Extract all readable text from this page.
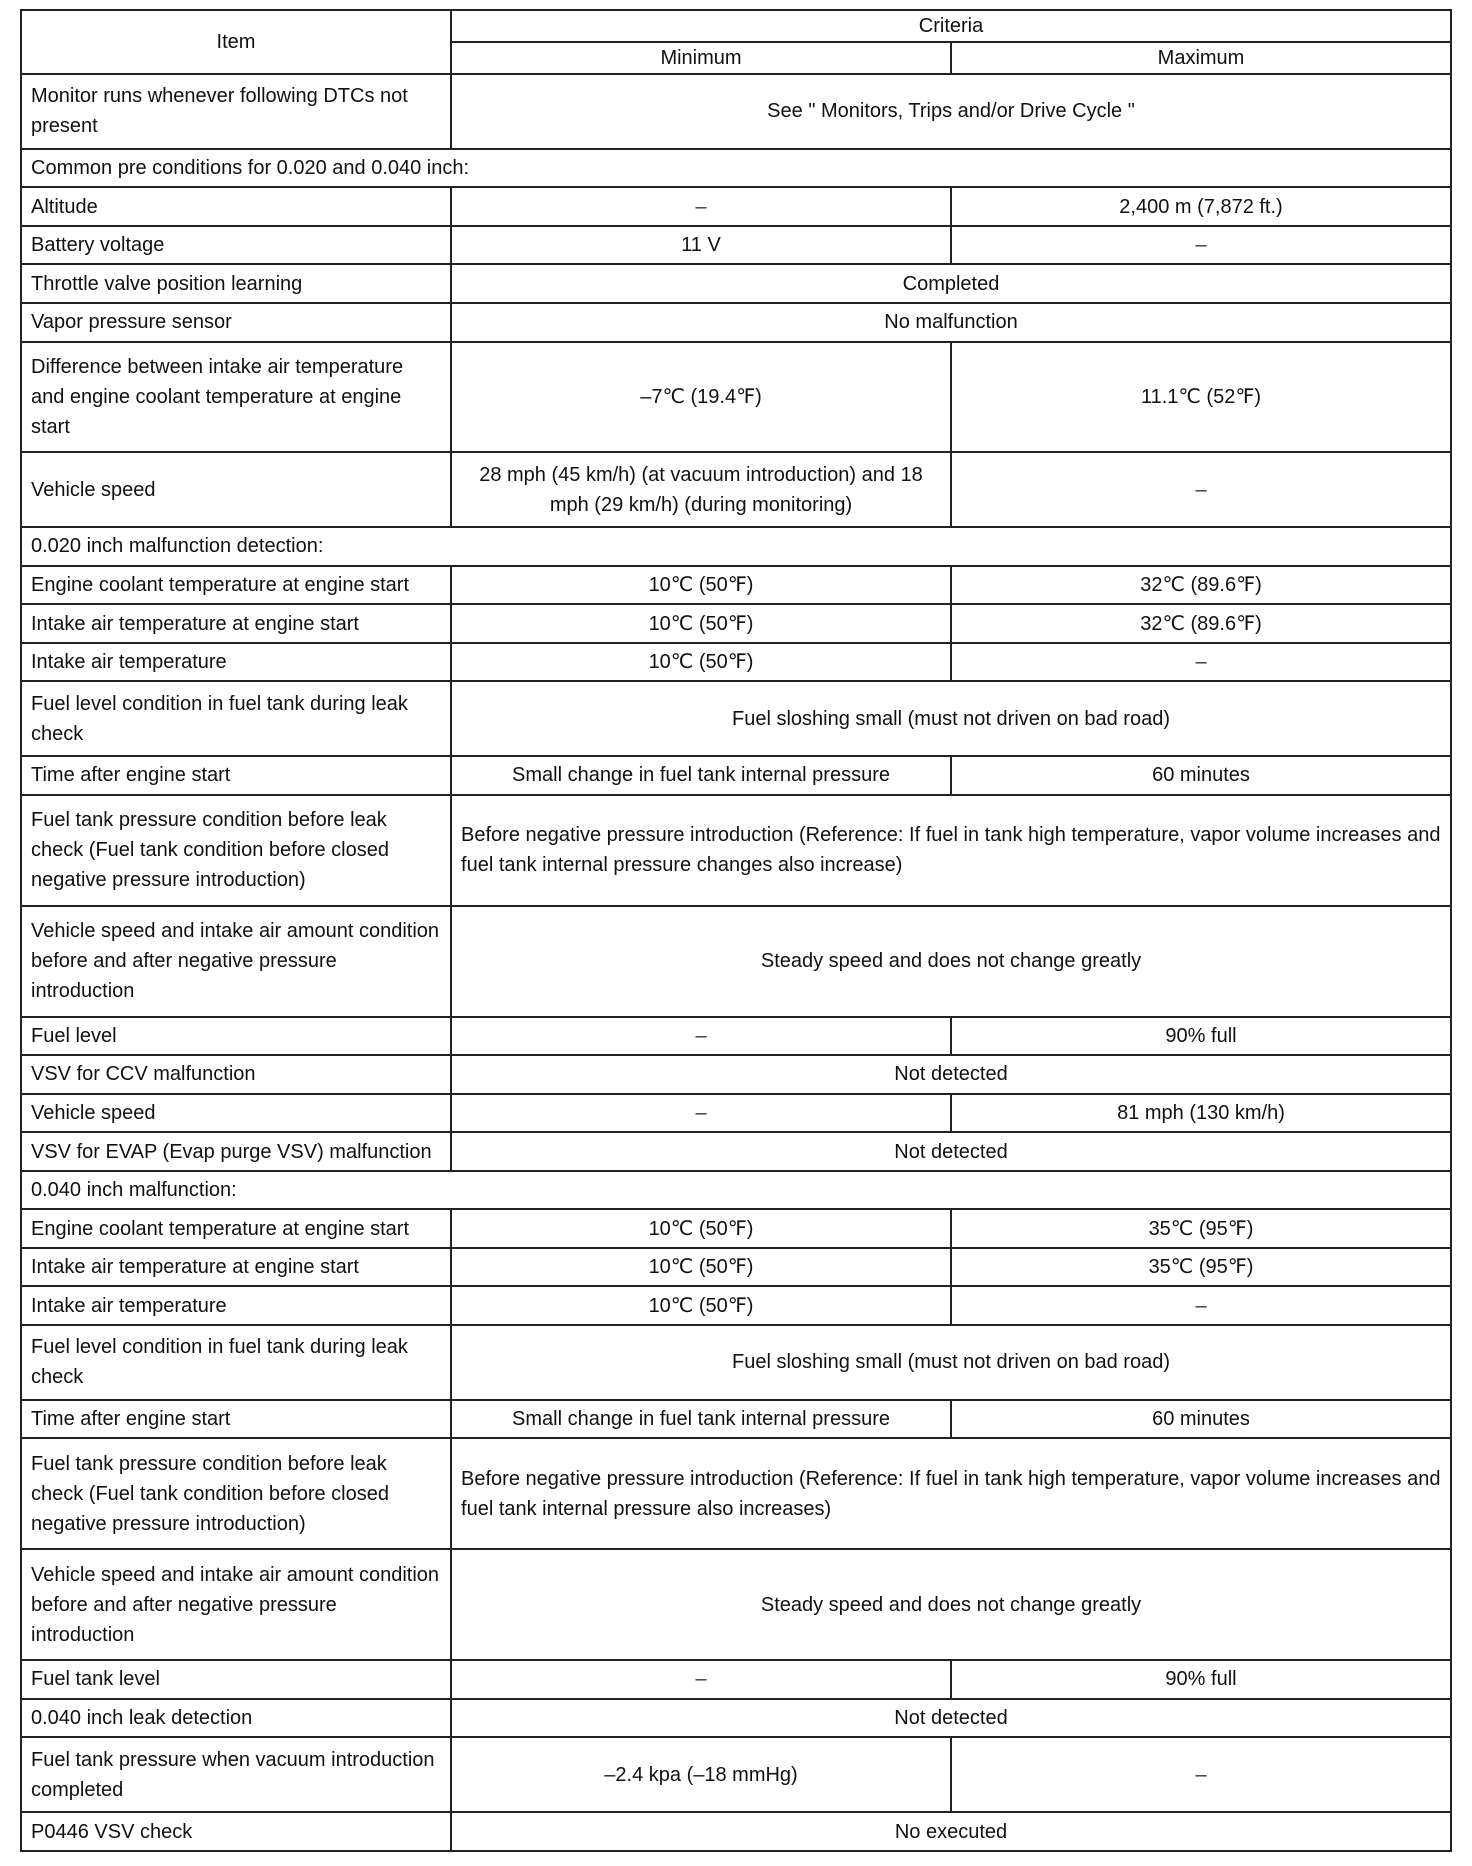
Item	Criteria	
	Minimum	Maximum
Monitor runs whenever following DTCs not present	See " Monitors, Trips and/or Drive Cycle "	
Common pre conditions for 0.020 and 0.040 inch:		
Altitude	–	2,400 m (7,872 ft.)
Battery voltage	11 V	–
Throttle valve position learning	Completed	
Vapor pressure sensor	No malfunction	
Difference between intake air temperature and engine coolant temperature at engine start	–7℃ (19.4℉)	11.1℃ (52℉)
Vehicle speed	28 mph (45 km/h) (at vacuum introduction) and 18 mph (29 km/h) (during monitoring)	–
0.020 inch malfunction detection:		
Engine coolant temperature at engine start	10℃ (50℉)	32℃ (89.6℉)
Intake air temperature at engine start	10℃ (50℉)	32℃ (89.6℉)
Intake air temperature	10℃ (50℉)	–
Fuel level condition in fuel tank during leak check	Fuel sloshing small (must not driven on bad road)	
Time after engine start	Small change in fuel tank internal pressure	60 minutes
Fuel tank pressure condition before leak check (Fuel tank condition before closed negative pressure introduction)	Before negative pressure introduction (Reference: If fuel in tank high temperature, vapor volume increases and fuel tank internal pressure changes also increase)	
Vehicle speed and intake air amount condition before and after negative pressure introduction	Steady speed and does not change greatly	
Fuel level	–	90% full
VSV for CCV malfunction	Not detected	
Vehicle speed	–	81 mph (130 km/h)
VSV for EVAP (Evap purge VSV) malfunction	Not detected	
0.040 inch malfunction:		
Engine coolant temperature at engine start	10℃ (50℉)	35℃ (95℉)
Intake air temperature at engine start	10℃ (50℉)	35℃ (95℉)
Intake air temperature	10℃ (50℉)	–
Fuel level condition in fuel tank during leak check	Fuel sloshing small (must not driven on bad road)	
Time after engine start	Small change in fuel tank internal pressure	60 minutes
Fuel tank pressure condition before leak check (Fuel tank condition before closed negative pressure introduction)	Before negative pressure introduction (Reference: If fuel in tank high temperature, vapor volume increases and fuel tank internal pressure also increases)	
Vehicle speed and intake air amount condition before and after negative pressure introduction	Steady speed and does not change greatly	
Fuel tank level	–	90% full
0.040 inch leak detection	Not detected	
Fuel tank pressure when vacuum introduction completed	–2.4 kpa (–18 mmHg)	–
P0446 VSV check	No executed	
